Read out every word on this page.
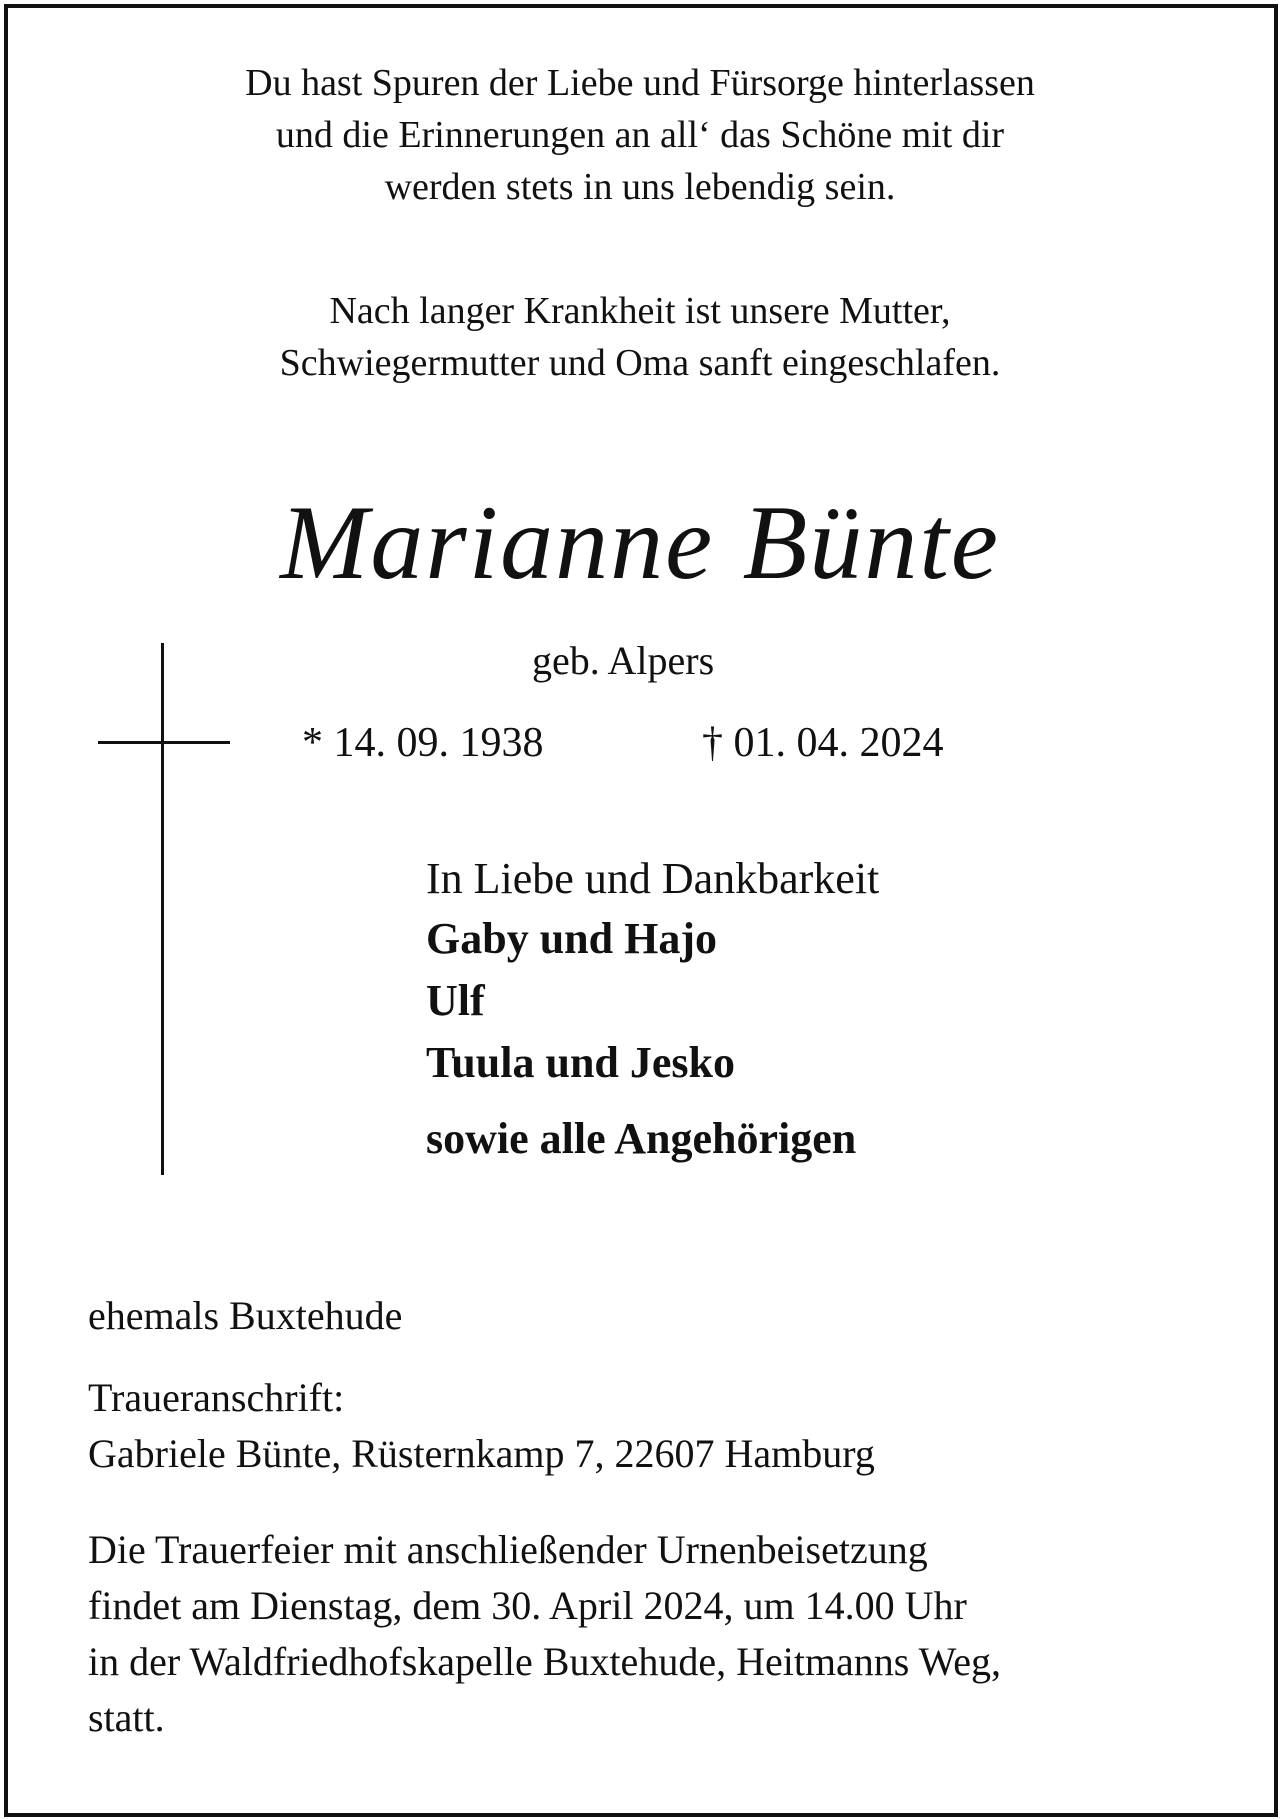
Du hast Spuren der Liebe und Fürsorge hinterlassen
und die Erinnerungen an all‘ das Schöne mit dir
werden stets in uns lebendig sein.
Nach langer Krankheit ist unsere Mutter,
Schwiegermutter und Oma sanft eingeschlafen.
Marianne Bünte
geb. Alpers
* 14. 09. 1938	† 01. 04. 2024
In Liebe und Dankbarkeit
Gaby und Hajo
Ulf
Tuula und Jesko
sowie alle Angehörigen
ehemals Buxtehude
Traueranschrift:
Gabriele Bünte, Rüsternkamp 7, 22607 Hamburg
Die Trauerfeier mit anschließender Urnenbeisetzung
findet am Dienstag, dem 30. April 2024, um 14.00 Uhr
in der Waldfriedhofskapelle Buxtehude, Heitmanns Weg,
statt.
